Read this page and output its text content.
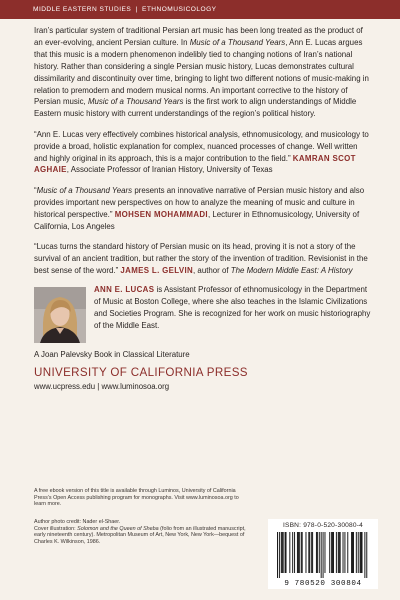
MIDDLE EASTERN STUDIES | ETHNOMUSICOLOGY

Iran’s particular system of traditional Persian art music has been long treated as the product of an ever-evolving, ancient Persian culture. In Music of a Thousand Years, Ann E. Lucas argues that this music is a modern phenomenon indelibly tied to changing notions of Iran’s national history. Rather than considering a single Persian music history, Lucas demonstrates cultural dissimilarity and discontinuity over time, bringing to light two different notions of music-making in relation to premodern and modern musical norms. An important corrective to the history of Persian music, Music of a Thousand Years is the first work to align understandings of Middle Eastern music history with current understandings of the region’s political history.

“Ann E. Lucas very effectively combines historical analysis, ethnomusicology, and musicology to provide a broad, holistic explanation for complex, nuanced processes of change. Well written and highly original in its approach, this is a major contribution to the field.” KAMRAN SCOT AGHAIE, Associate Professor of Iranian History, University of Texas

“Music of a Thousand Years presents an innovative narrative of Persian music history and also provides important new perspectives on how to analyze the meaning of music and culture in historical perspective.” MOHSEN MOHAMMADI, Lecturer in Ethnomusicology, University of California, Los Angeles

“Lucas turns the standard history of Persian music on its head, proving it is not a story of the survival of an ancient tradition, but rather the story of the invention of tradition. Revisionist in the best sense of the word.” JAMES L. GELVIN, author of The Modern Middle East: A History

ANN E. LUCAS is Assistant Professor of ethnomusicology in the Department of Music at Boston College, where she also teaches in the Islamic Civilizations and Societies Program. She is recognized for her work on music historiography of the Middle East.
A Joan Palevsky Book in Classical Literature
UNIVERSITY OF CALIFORNIA PRESS
www.ucpress.edu | www.luminosoa.org
A free ebook version of this title is available through Luminos, University of California Press’s Open Access publishing program for monographs. Visit www.luminosoa.org to learn more.
Author photo credit: Nader el-Shaer.
Cover illustration: Solomon and the Queen of Sheba (folio from an illustrated manuscript, early nineteenth century). Metropolitan Museum of Art, New York, New York—bequest of Charles K. Wilkinson, 1986.
ISBN: 978-0-520-30080-4
9 780520 300804
